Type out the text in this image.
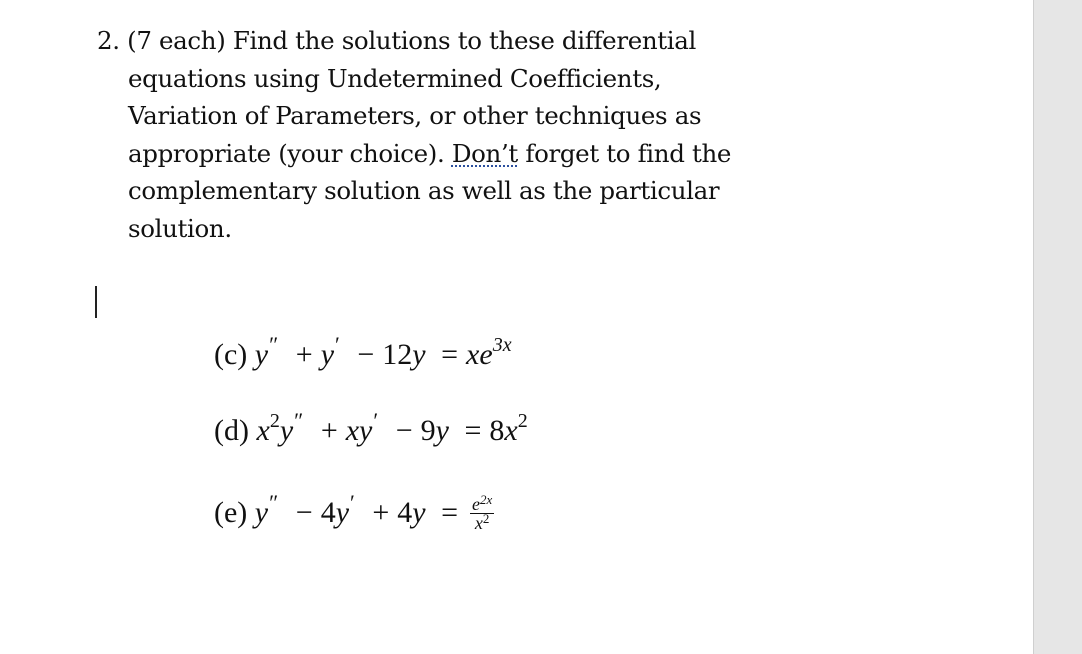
2. (7 each) Find the solutions to these differential
equations using Undetermined Coefficients,
Variation of Parameters, or other techniques as
appropriate (your choice). Don’t forget to find the
complementary solution as well as the particular
solution.
(c) $y'' + y' - 12y = xe^{3x}$
(d) $x^2y'' + xy' - 9y = 8x^2$
(e) $y'' - 4y' + 4y = \frac{e^{2x}}{x^2}$
